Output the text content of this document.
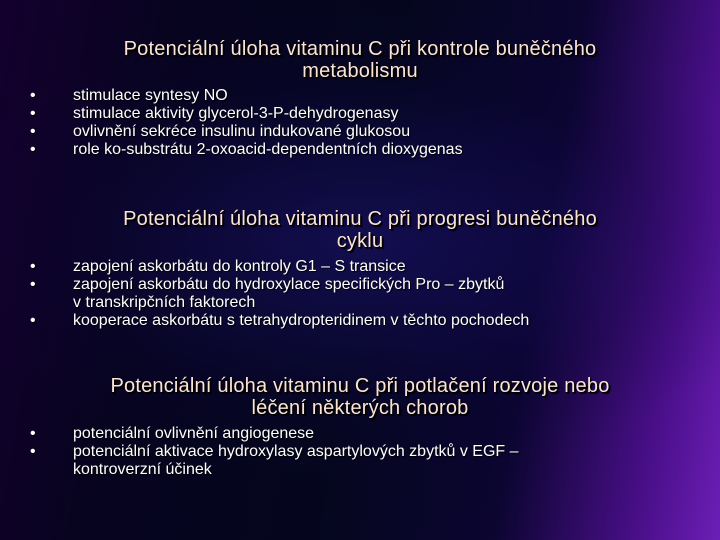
Potenciální úloha vitaminu C při kontrole buněčného
metabolismu
• stimulace syntesy NO
• stimulace aktivity glycerol-3-P-dehydrogenasy
• ovlivnění sekréce insulinu indukované glukosou
• role ko-substrátu 2-oxoacid-dependentních dioxygenas
Potenciální úloha vitaminu C při progresi buněčného
cyklu
• zapojení askorbátu do kontroly G1 – S transice
• zapojení askorbátu do hydroxylace specifických Pro – zbytků
v transkripčních faktorech
• kooperace askorbátu s tetrahydropteridinem v těchto pochodech
Potenciální úloha vitaminu C při potlačení rozvoje nebo
léčení některých chorob
• potenciální ovlivnění angiogenese
• potenciální aktivace hydroxylasy aspartylových zbytků v EGF –
kontroverzní účinek
